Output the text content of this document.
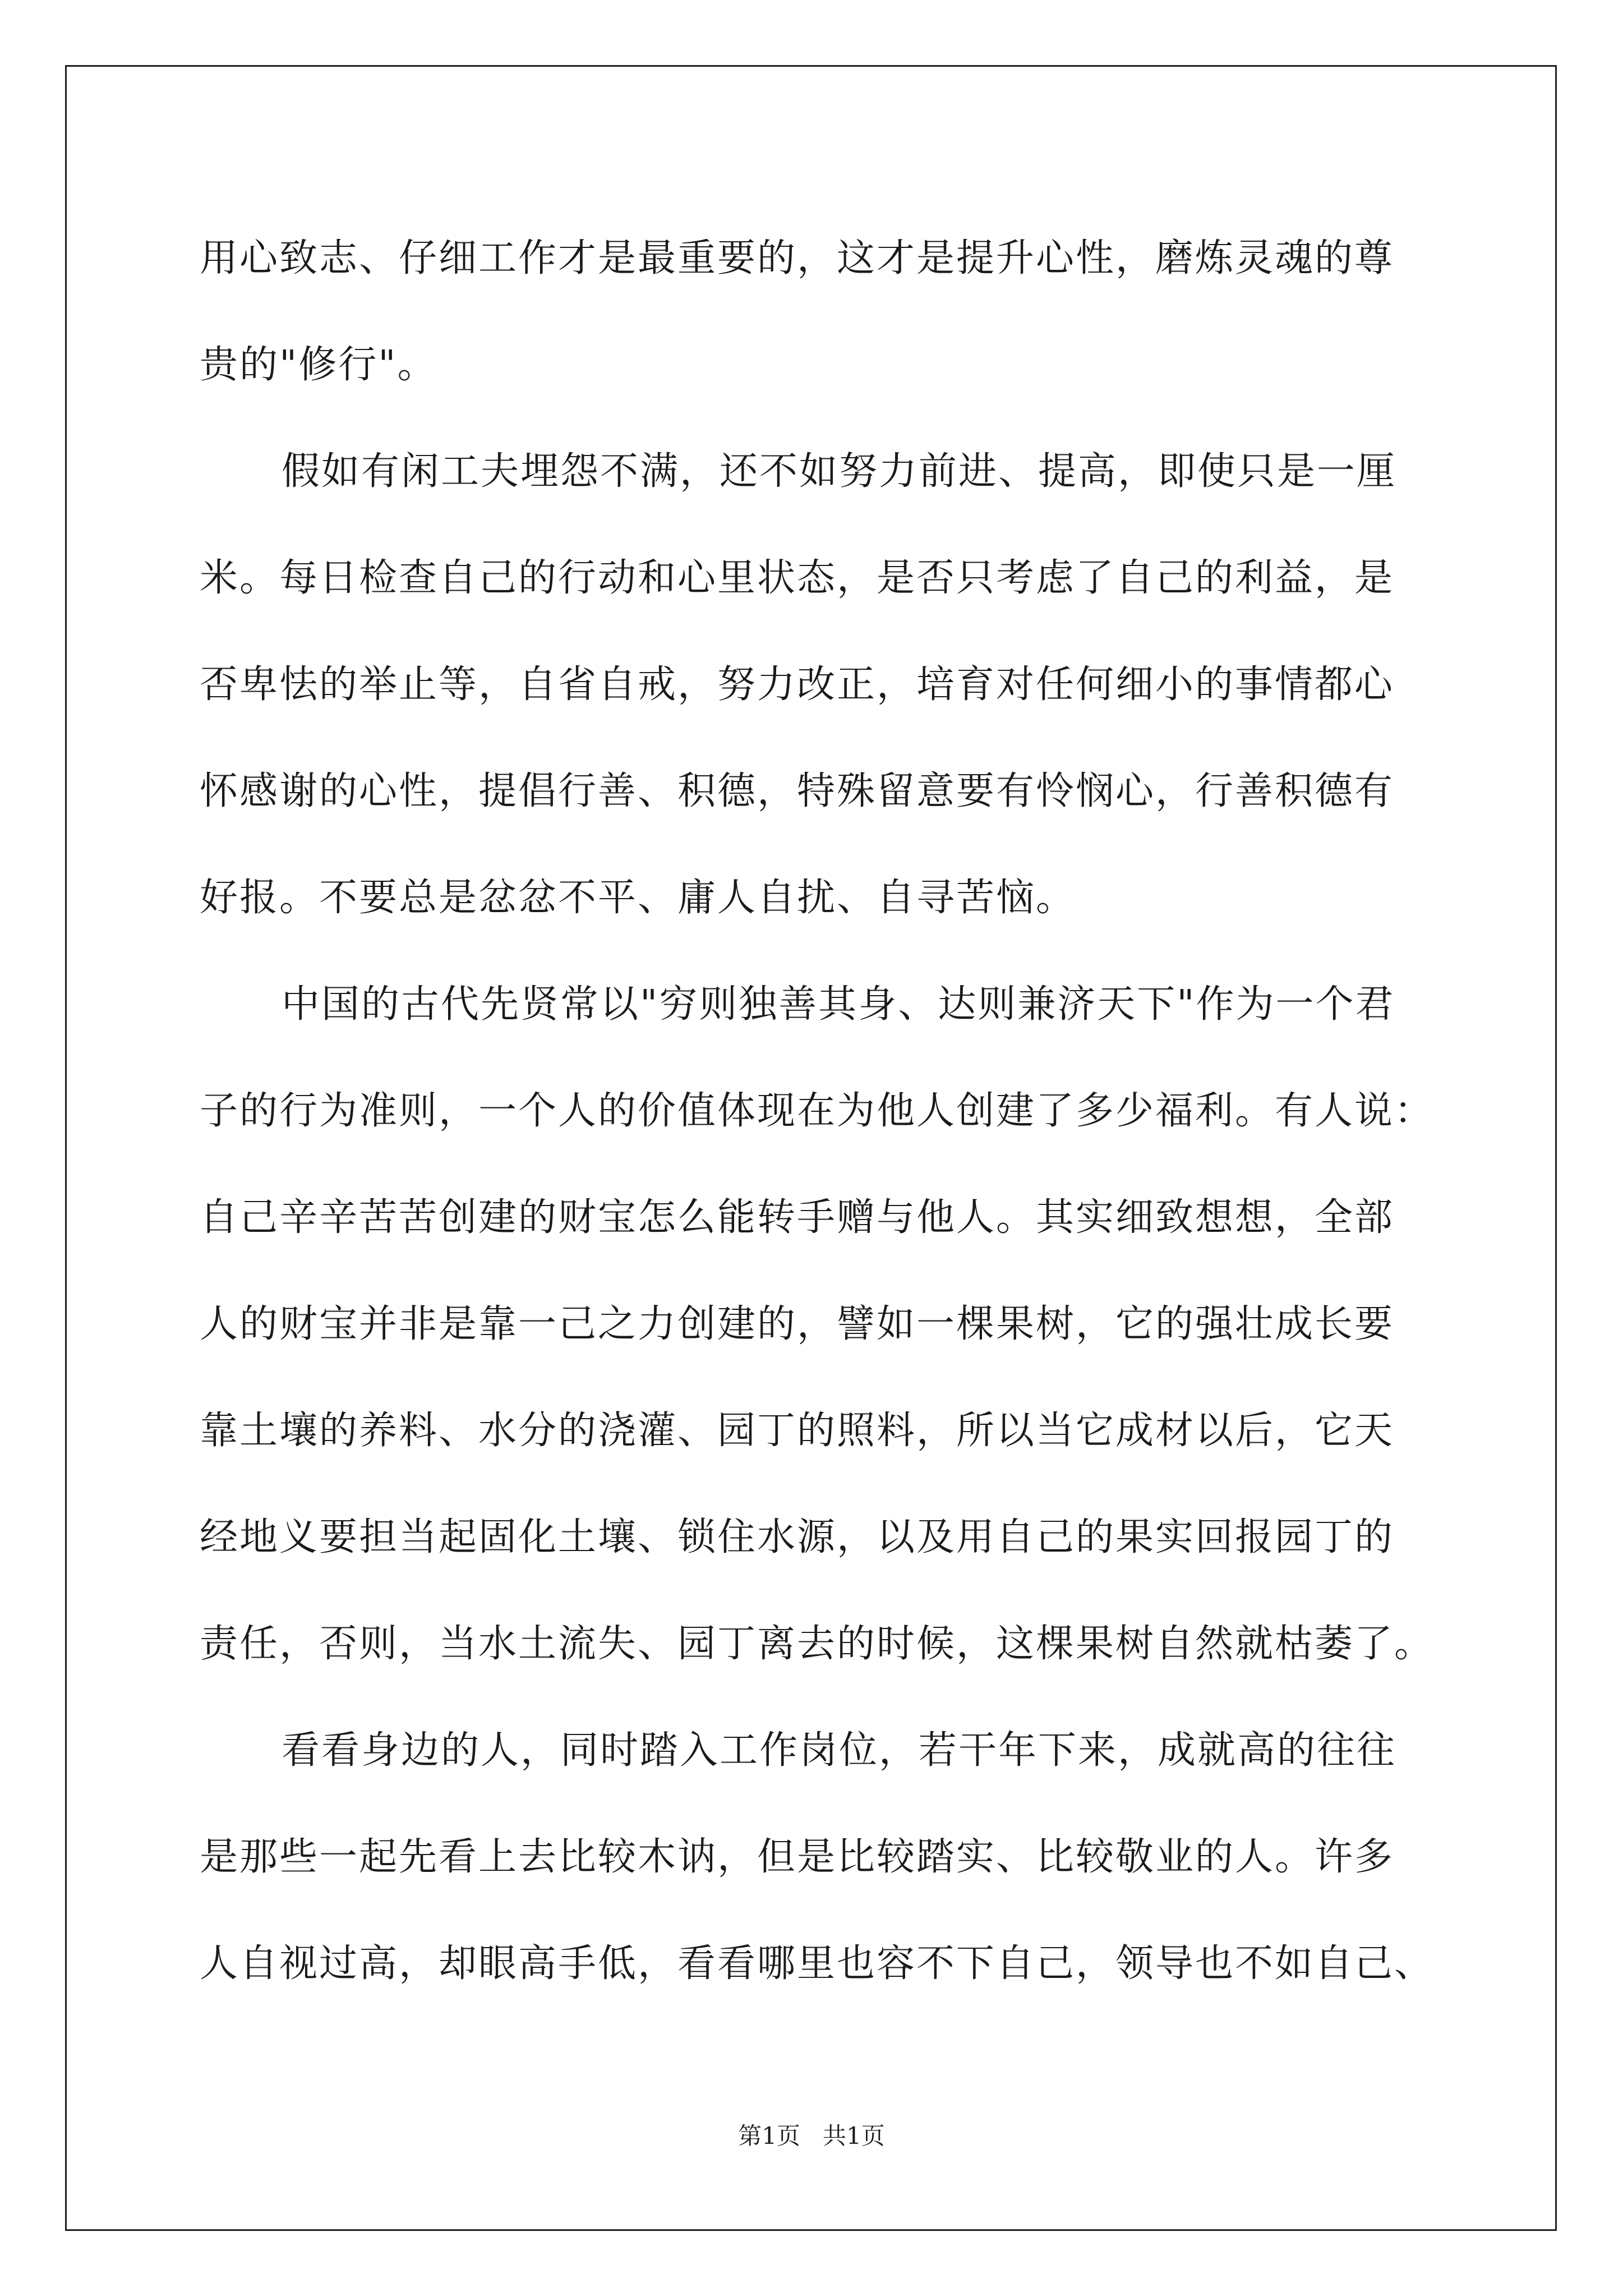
用心致志、仔细工作才是最重要的，这才是提升心性，磨炼灵魂的尊
贵的"修行"。
假如有闲工夫埋怨不满，还不如努力前进、提高，即使只是一厘
米。每日检查自己的行动和心里状态，是否只考虑了自己的利益，是
否卑怯的举止等，自省自戒，努力改正，培育对任何细小的事情都心
怀感谢的心性，提倡行善、积德，特殊留意要有怜悯心，行善积德有
好报。不要总是忿忿不平、庸人自扰、自寻苦恼。
中国的古代先贤常以"穷则独善其身、达则兼济天下"作为一个君
子的行为准则，一个人的价值体现在为他人创建了多少福利。有人说：
自己辛辛苦苦创建的财宝怎么能转手赠与他人。其实细致想想，全部
人的财宝并非是靠一己之力创建的，譬如一棵果树，它的强壮成长要
靠土壤的养料、水分的浇灌、园丁的照料，所以当它成材以后，它天
经地义要担当起固化土壤、锁住水源，以及用自己的果实回报园丁的
责任，否则，当水土流失、园丁离去的时候，这棵果树自然就枯萎了。
看看身边的人，同时踏入工作岗位，若干年下来，成就高的往往
是那些一起先看上去比较木讷，但是比较踏实、比较敬业的人。许多
人自视过高，却眼高手低，看看哪里也容不下自己，领导也不如自己、
第1页   共1页
